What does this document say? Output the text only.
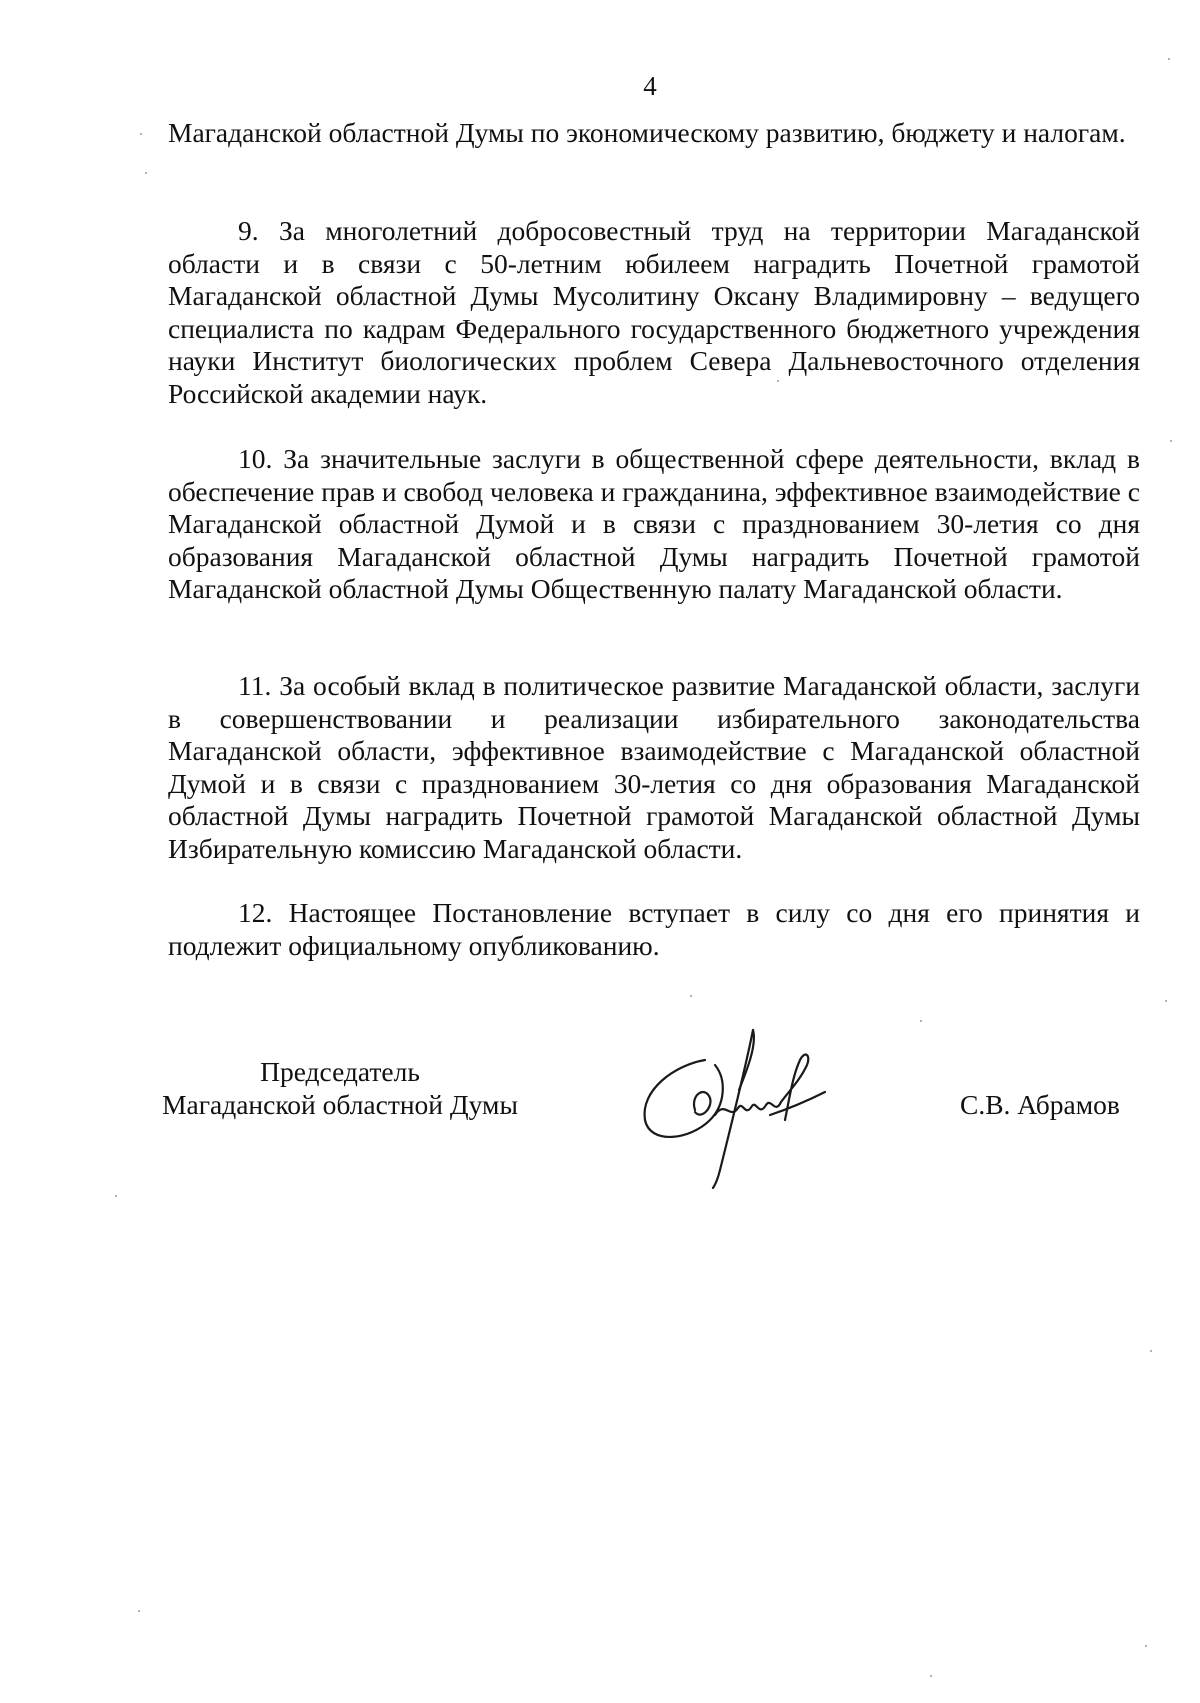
4
Магаданской областной Думы по экономическому развитию, бюджету и налогам.
9. За многолетний добросовестный труд на территории Магаданской области и в связи с 50-летним юбилеем наградить Почетной грамотой Магаданской областной Думы Мусолитину Оксану Владимировну – ведущего специалиста по кадрам Федерального государственного бюджетного учреждения науки Институт биологических проблем Севера Дальневосточного отделения Российской академии наук.
10. За значительные заслуги в общественной сфере деятельности, вклад в обеспечение прав и свобод человека и гражданина, эффективное взаимодействие с Магаданской областной Думой и в связи с празднованием 30-летия со дня образования Магаданской областной Думы наградить Почетной грамотой Магаданской областной Думы Общественную палату Магаданской области.
11. За особый вклад в политическое развитие Магаданской области, заслуги в совершенствовании и реализации избирательного законодательства Магаданской области, эффективное взаимодействие с Магаданской областной Думой и в связи с празднованием 30-летия со дня образования Магаданской областной Думы наградить Почетной грамотой Магаданской областной Думы Избирательную комиссию Магаданской области.
12. Настоящее Постановление вступает в силу со дня его принятия и подлежит официальному опубликованию.
Председатель
Магаданской областной Думы	С.В. Абрамов
